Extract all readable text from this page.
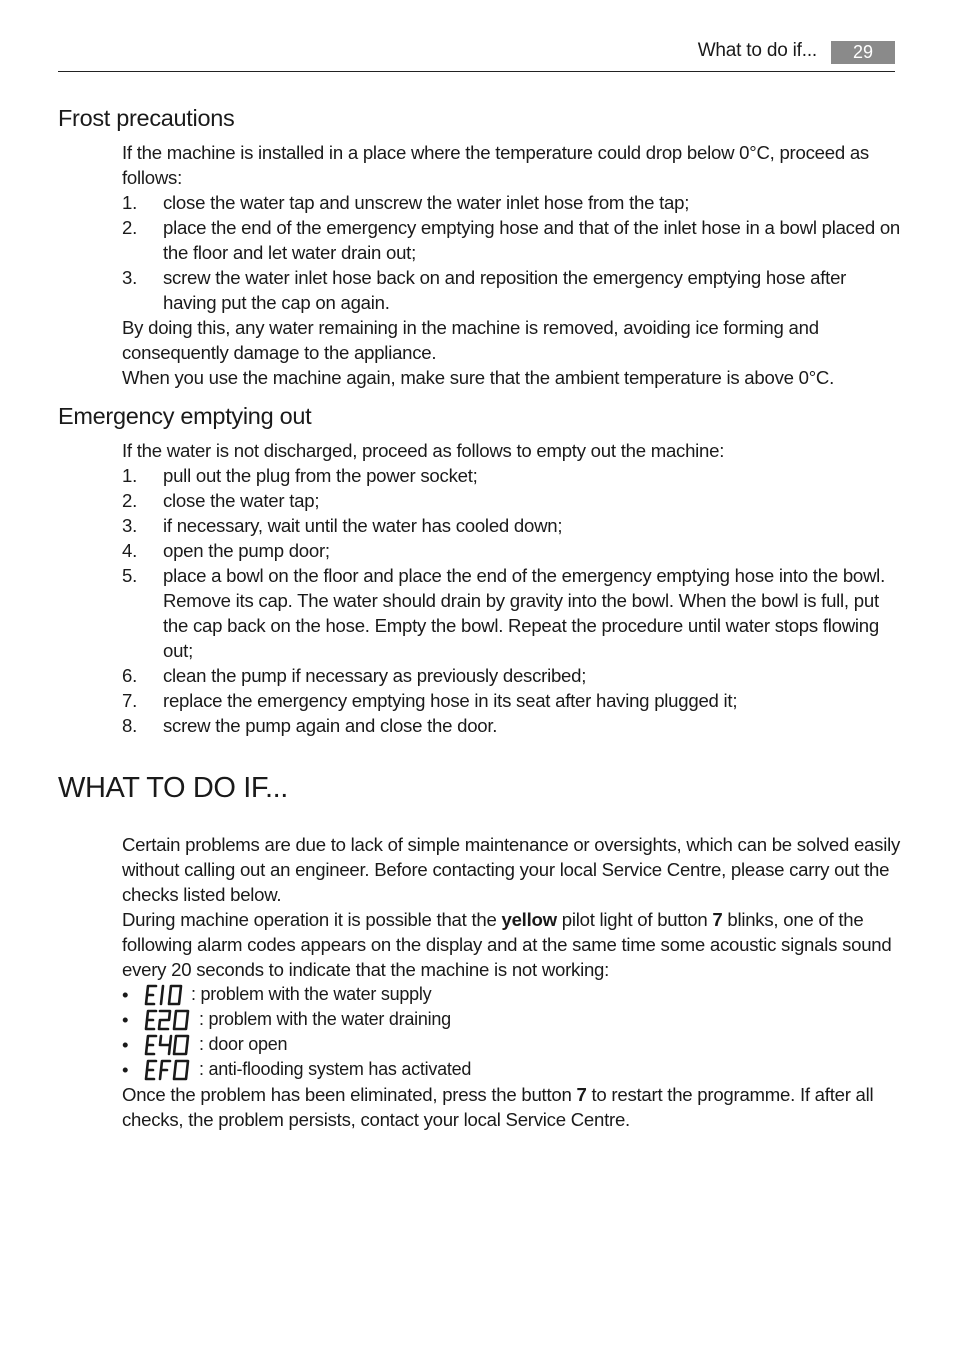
What to do if...	29
Frost precautions

If the machine is installed in a place where the temperature could drop below 0°C, proceed as follows:

1. close the water tap and unscrew the water inlet hose from the tap;
2. place the end of the emergency emptying hose and that of the inlet hose in a bowl placed on the floor and let water drain out;
3. screw the water inlet hose back on and reposition the emergency emptying hose after having put the cap on again.

By doing this, any water remaining in the machine is removed, avoiding ice forming and consequently damage to the appliance.

When you use the machine again, make sure that the ambient temperature is above 0°C.

Emergency emptying out

If the water is not discharged, proceed as follows to empty out the machine:

1. pull out the plug from the power socket;
2. close the water tap;
3. if necessary, wait until the water has cooled down;
4. open the pump door;
5. place a bowl on the floor and place the end of the emergency emptying hose into the bowl. Remove its cap. The water should drain by gravity into the bowl. When the bowl is full, put the cap back on the hose. Empty the bowl. Repeat the procedure until water stops flowing out;
6. clean the pump if necessary as previously described;
7. replace the emergency emptying hose in its seat after having plugged it;
8. screw the pump again and close the door.
WHAT TO DO IF...

Certain problems are due to lack of simple maintenance or oversights, which can be solved easily without calling out an engineer. Before contacting your local Service Centre, please carry out the checks listed below.

During machine operation it is possible that the yellow pilot light of button 7 blinks, one of the following alarm codes appears on the display and at the same time some acoustic signals sound every 20 seconds to indicate that the machine is not working:

•	: problem with the water supply
•	: problem with the water draining
•	: door open
•	: anti-flooding system has activated

Once the problem has been eliminated, press the button 7 to restart the programme. If after all checks, the problem persists, contact your local Service Centre.
